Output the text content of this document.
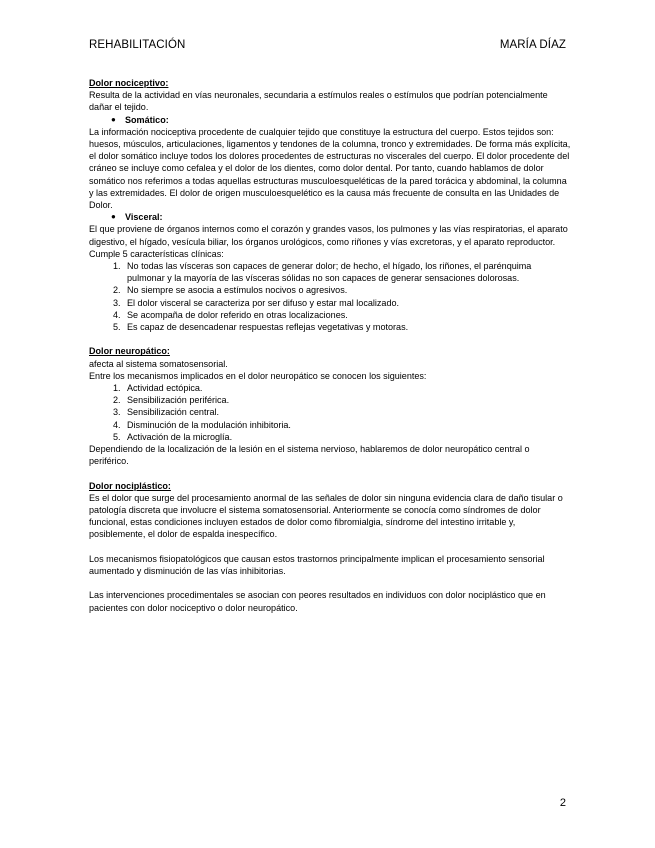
REHABILITACIÓN	MARÍA DÍAZ

Dolor nociceptivo:

Resulta de la actividad en vías neuronales, secundaria a estímulos reales o estímulos que podrían potencialmente dañar el tejido.

● Somático:

La información nociceptiva procedente de cualquier tejido que constituye la estructura del cuerpo. Estos tejidos son: huesos, músculos, articulaciones, ligamentos y tendones de la columna, tronco y extremidades. De forma más explícita, el dolor somático incluye todos los dolores procedentes de estructuras no viscerales del cuerpo. El dolor procedente del cráneo se incluye como cefalea y el dolor de los dientes, como dolor dental. Por tanto, cuando hablamos de dolor somático nos referimos a todas aquellas estructuras musculoesqueléticas de la pared torácica y abdominal, la columna y las extremidades. El dolor de origen musculoesquelético es la causa más frecuente de consulta en las Unidades de Dolor.

● Visceral:

El que proviene de órganos internos como el corazón y grandes vasos, los pulmones y las vías respiratorias, el aparato digestivo, el hígado, vesícula biliar, los órganos urológicos, como riñones y vías excretoras, y el aparato reproductor.

Cumple 5 características clínicas:

1. No todas las vísceras son capaces de generar dolor; de hecho, el hígado, los riñones, el parénquima pulmonar y la mayoría de las vísceras sólidas no son capaces de generar sensaciones dolorosas.
2. No siempre se asocia a estímulos nocivos o agresivos.
3. El dolor visceral se caracteriza por ser difuso y estar mal localizado.
4. Se acompaña de dolor referido en otras localizaciones.
5. Es capaz de desencadenar respuestas reflejas vegetativas y motoras.

Dolor neuropático:

afecta al sistema somatosensorial.

Entre los mecanismos implicados en el dolor neuropático se conocen los siguientes:

1. Actividad ectópica.
2. Sensibilización periférica.
3. Sensibilización central.
4. Disminución de la modulación inhibitoria.
5. Activación de la microglía.

Dependiendo de la localización de la lesión en el sistema nervioso, hablaremos de dolor neuropático central o periférico.

Dolor nociplástico:

Es el dolor que surge del procesamiento anormal de las señales de dolor sin ninguna evidencia clara de daño tisular o patología discreta que involucre el sistema somatosensorial. Anteriormente se conocía como síndromes de dolor funcional, estas condiciones incluyen estados de dolor como fibromialgia, síndrome del intestino irritable y, posiblemente, el dolor de espalda inespecífico.

Los mecanismos fisiopatológicos que causan estos trastornos principalmente implican el procesamiento sensorial aumentado y disminución de las vías inhibitorias.

Las intervenciones procedimentales se asocian con peores resultados en individuos con dolor nociplástico que en pacientes con dolor nociceptivo o dolor neuropático.

2
